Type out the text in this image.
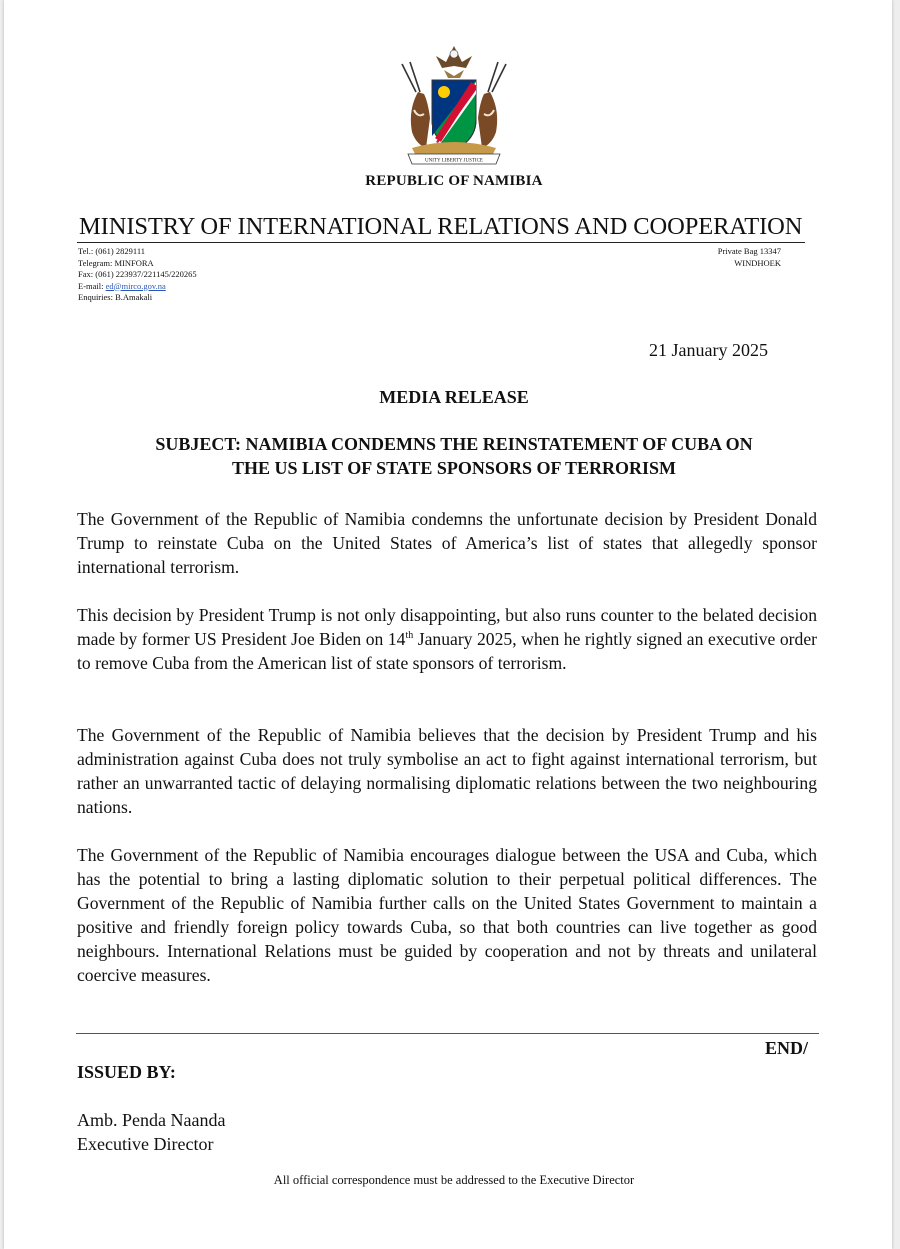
UNITY LIBERTY JUSTICE
REPUBLIC OF NAMIBIA
MINISTRY OF INTERNATIONAL RELATIONS AND COOPERATION
Tel.: (061) 2829111
Telegram: MINFORA
Fax: (061) 223937/221145/220265
E-mail: ed@mirco.gov.na
Enquiries: B.Amakali
Private Bag 13347
WINDHOEK
21 January 2025
MEDIA RELEASE
SUBJECT: NAMIBIA CONDEMNS THE REINSTATEMENT OF CUBA ON
THE US LIST OF STATE SPONSORS OF TERRORISM
The Government of the Republic of Namibia condemns the unfortunate decision by President Donald Trump to reinstate Cuba on the United States of America’s list of states that allegedly sponsor international terrorism.
This decision by President Trump is not only disappointing, but also runs counter to the belated decision made by former US President Joe Biden on 14th January 2025, when he rightly signed an executive order to remove Cuba from the American list of state sponsors of terrorism.
The Government of the Republic of Namibia believes that the decision by President Trump and his administration against Cuba does not truly symbolise an act to fight against international terrorism, but rather an unwarranted tactic of delaying normalising diplomatic relations between the two neighbouring nations.
The Government of the Republic of Namibia encourages dialogue between the USA and Cuba, which has the potential to bring a lasting diplomatic solution to their perpetual political differences. The Government of the Republic of Namibia further calls on the United States Government to maintain a positive and friendly foreign policy towards Cuba, so that both countries can live together as good neighbours. International Relations must be guided by cooperation and not by threats and unilateral coercive measures.
END/
ISSUED BY:
Amb. Penda Naanda
Executive Director
All official correspondence must be addressed to the Executive Director
